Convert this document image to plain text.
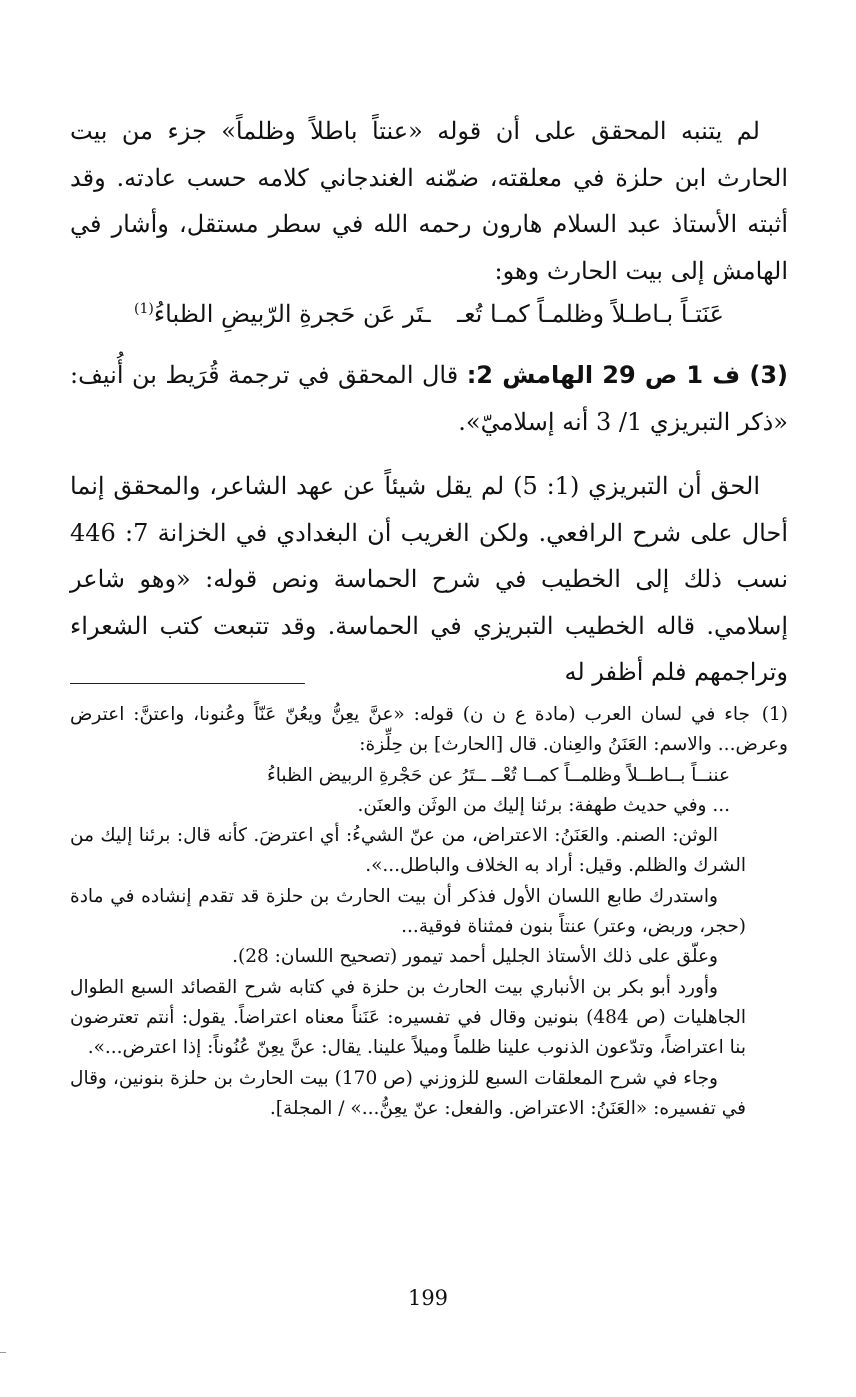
لم يتنبه المحقق على أن قوله «عنتاً باطلاً وظلماً» جزء من بيت الحارث ابن حلزة في معلقته، ضمّنه الغندجاني كلامه حسب عادته. وقد أثبته الأستاذ عبد السلام هارون رحمه الله في سطر مستقل، وأشار في الهامش إلى بيت الحارث وهو:

عَنَتـاً بـاطـلاً وظلمـاً كمـا تُعـ
ـتَر عَن حَجرةِ الرّبيضِ الظباءُ$^{(1)}$

(3) ف 1 ص 29 الهامش 2: قال المحقق في ترجمة قُرَيط بن أُنيف: «ذكر التبريزي 1/ 3 أنه إسلاميّ».

الحق أن التبريزي (1: 5) لم يقل شيئاً عن عهد الشاعر، والمحقق إنما أحال على شرح الرافعي. ولكن الغريب أن البغدادي في الخزانة 7: 446 نسب ذلك إلى الخطيب في شرح الحماسة ونص قوله: «وهو شاعر إسلامي. قاله الخطيب التبريزي في الحماسة. وقد تتبعت كتب الشعراء وتراجمهم فلم أظفر له

(1)جاء في لسان العرب (مادة ع ن ن) قوله: «عنَّ يعِنُّ ويعُنّ عَنّاً وعُنونا، واعتنَّ: اعترض وعرض... والاسم: العَنَنُ والعِنان. قال [الحارث] بن حِلِّزة:

عننــاً بــاطــلاً وظلمــاً كمــا تُعْــ ــتَرُ عن حَجْرةِ الربيض الظباءُ

... وفي حديث طهفة: برئنا إليك من الوثَن والعنَن.

الوثن: الصنم. والعَنَنُ: الاعتراض، من عنّ الشيءُ: أي اعترضَ. كأنه قال: برئنا إليك من الشرك والظلم. وقيل: أراد به الخلاف والباطل...».

واستدرك طابع اللسان الأول فذكر أن بيت الحارث بن حلزة قد تقدم إنشاده في مادة (حجر، وربض، وعتر) عنتاً بنون فمثناة فوقية...

وعلّق على ذلك الأستاذ الجليل أحمد تيمور (تصحيح اللسان: 28).

وأورد أبو بكر بن الأنباري بيت الحارث بن حلزة في كتابه شرح القصائد السبع الطوال الجاهليات (ص 484) بنونين وقال في تفسيره: عَنَناً معناه اعتراضاً. يقول: أنتم تعترضون بنا اعتراضاً، وتدّعون الذنوب علينا ظلماً وميلاً علينا. يقال: عنَّ يعِنّ عُنُوناً: إذا اعترض...».

وجاء في شرح المعلقات السبع للزوزني (ص 170) بيت الحارث بن حلزة بنونين، وقال في تفسيره: «العَنَنُ: الاعتراض. والفعل: عنّ يعِنُّ...» / المجلة].

199
